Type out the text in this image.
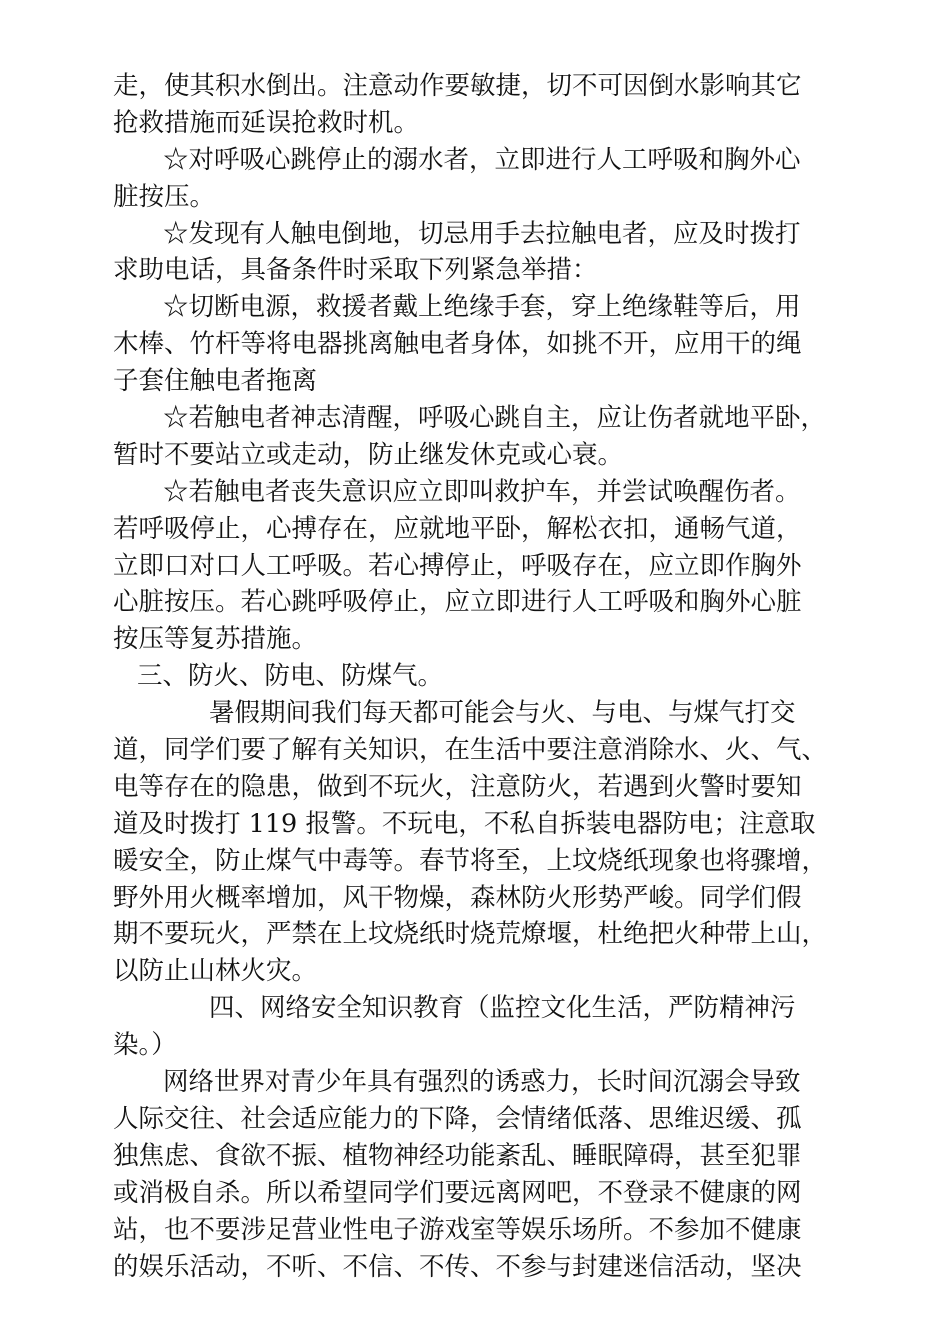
走，使其积水倒出。注意动作要敏捷，切不可因倒水影响其它
抢救措施而延误抢救时机。
☆对呼吸心跳停止的溺水者，立即进行人工呼吸和胸外心
脏按压。
☆发现有人触电倒地，切忌用手去拉触电者，应及时拨打
求助电话，具备条件时采取下列紧急举措：
☆切断电源，救援者戴上绝缘手套，穿上绝缘鞋等后，用
木棒、竹杆等将电器挑离触电者身体，如挑不开，应用干的绳
子套住触电者拖离
☆若触电者神志清醒，呼吸心跳自主，应让伤者就地平卧，
暂时不要站立或走动，防止继发休克或心衰。
☆若触电者丧失意识应立即叫救护车，并尝试唤醒伤者。
若呼吸停止，心搏存在，应就地平卧，解松衣扣，通畅气道，
立即口对口人工呼吸。若心搏停止，呼吸存在，应立即作胸外
心脏按压。若心跳呼吸停止，应立即进行人工呼吸和胸外心脏
按压等复苏措施。
三、防火、防电、防煤气。
暑假期间我们每天都可能会与火、与电、与煤气打交
道，同学们要了解有关知识，在生活中要注意消除水、火、气、
电等存在的隐患，做到不玩火，注意防火，若遇到火警时要知
道及时拨打 119 报警。不玩电，不私自拆装电器防电；注意取
暖安全，防止煤气中毒等。春节将至，上坟烧纸现象也将骤增，
野外用火概率增加，风干物燥，森林防火形势严峻。同学们假
期不要玩火，严禁在上坟烧纸时烧荒燎堰，杜绝把火种带上山，
以防止山林火灾。
四、网络安全知识教育（监控文化生活，严防精神污
染。）
网络世界对青少年具有强烈的诱惑力，长时间沉溺会导致
人际交往、社会适应能力的下降，会情绪低落、思维迟缓、孤
独焦虑、食欲不振、植物神经功能紊乱、睡眠障碍，甚至犯罪
或消极自杀。所以希望同学们要远离网吧，不登录不健康的网
站，也不要涉足营业性电子游戏室等娱乐场所。不参加不健康
的娱乐活动，不听、不信、不传、不参与封建迷信活动，坚决
